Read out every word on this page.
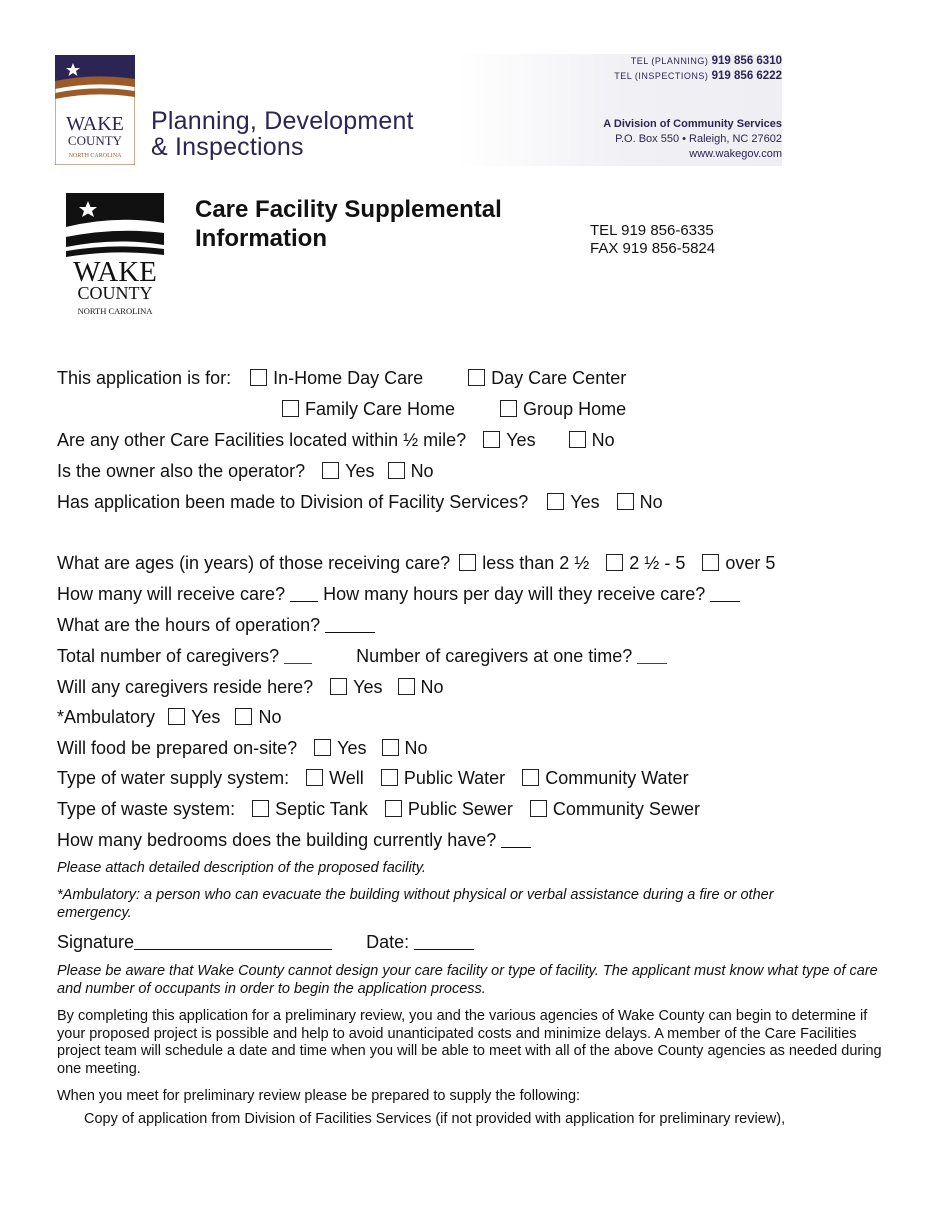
WAKE
COUNTY
NORTH CAROLINA
Planning, Development
& Inspections
TEL (PLANNING) 919 856 6310
TEL (INSPECTIONS) 919 856 6222
A Division of Community Services
P.O. Box 550 • Raleigh, NC 27602
www.wakegov.com
WAKE
COUNTY
NORTH CAROLINA
Care Facility Supplemental
Information	TEL 919 856-6335
FAX 919 856-5824
This application is for: In-Home Day Care	Day Care Center
Family Care Home	Group Home
Are any other Care Facilities located within ½ mile? Yes	No
Is the owner also the operator? Yes No
Has application been made to Division of Facility Services? Yes No
What are ages (in years) of those receiving care? less than 2 ½ 2 ½ - 5 over 5
How many will receive care? How many hours per day will they receive care?
What are the hours of operation?
Total number of caregivers?	Number of caregivers at one time?
Will any caregivers reside here? Yes No
*Ambulatory Yes No
Will food be prepared on-site? Yes No
Type of water supply system: Well Public Water Community Water
Type of waste system: Septic Tank Public Sewer Community Sewer
How many bedrooms does the building currently have?
Please attach detailed description of the proposed facility.
*Ambulatory: a person who can evacuate the building without physical or verbal assistance during a fire or other emergency.
Signature	Date:
Please be aware that Wake County cannot design your care facility or type of facility. The applicant must know what type of care and number of occupants in order to begin the application process.
By completing this application for a preliminary review, you and the various agencies of Wake County can begin to determine if your proposed project is possible and help to avoid unanticipated costs and minimize delays. A member of the Care Facilities project team will schedule a date and time when you will be able to meet with all of the above County agencies as needed during one meeting.
When you meet for preliminary review please be prepared to supply the following:
Copy of application from Division of Facilities Services (if not provided with application for preliminary review),
